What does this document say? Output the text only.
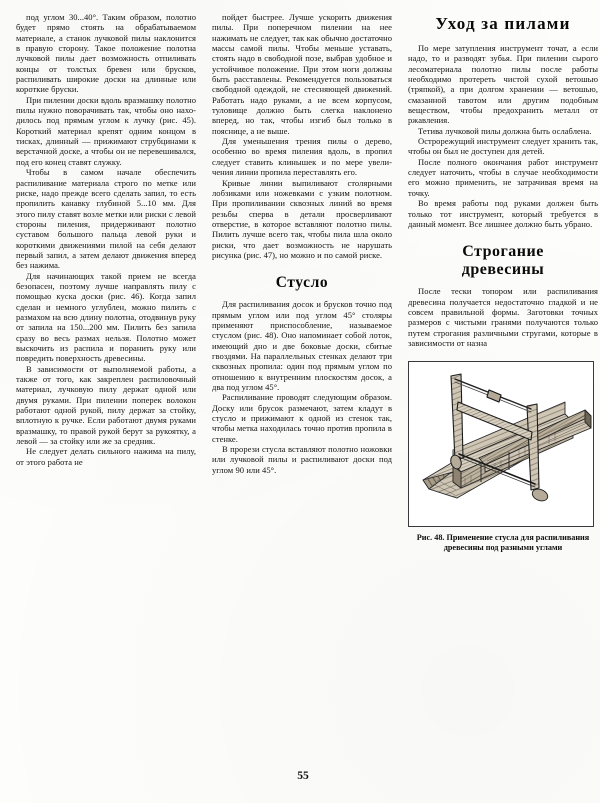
под углом 30...40°. Таким образом, полотно будет прямо стоять на обрабатываемом материале, а станок лучковой пилы наклонится в правую сторону. Такое положение полотна лучковой пилы дает возможность отпиливать концы от толстых бревен или брусков, распиливать широкие доски на длинные или короткие бруски.

При пилении доски вдоль вразмашку полотно пилы нужно поворачивать так, чтобы оно находилось под прямым углом к лучку (рис. 45). Короткий материал крепят одним концом в тисках, длинный — прижимают струбцинами к верстачной доске, а чтобы он не перевешивался, под его конец ставят служку.

Чтобы в самом начале обеспечить распиливание материала строго по метке или риске, надо прежде всего сделать запил, то есть пропилить канавку глубиной 5...10 мм. Для этого пилу ставят возле метки или риски с левой стороны пиления, придерживают полотно суставом большого пальца левой руки и короткими движениями пилой на себя делают первый запил, а затем делают движения вперед без нажима.

Для начинающих такой прием не всегда безопасен, поэтому лучше направлять пилу с помощью куска доски (рис. 46). Когда запил сделан и немного углублен, можно пилить с размахом на всю длину полотна, отодвинув руку от запила на 150...200 мм. Пилить без запила сразу во весь размах нельзя. Полотно может выскочить из распила и поранить руку или повредить поверхность древесины.

В зависимости от выполняемой работы, а также от того, как закреплен распиловочный материал, лучковую пилу держат одной или двумя руками. При пилении поперек волокон работают одной рукой, пилу держат за стойку, вплотную к ручке. Если работают двумя руками вразмашку, то правой рукой берут за рукоятку, а левой — за стойку или же за средник.

Не следует делать сильного нажима на пилу, от этого работа не

пойдет быстрее. Лучше ускорить движения пилы. При поперечном пилении на нее нажимать не следует, так как обычно достаточно массы самой пилы. Чтобы меньше уставать, стоять надо в свободной позе, выбрав удобное и устойчивое положение. При этом ноги должны быть расставлены. Рекомендуется пользоваться свободной одеждой, не стесняющей движений. Работать надо руками, а не всем корпусом, туловище должно быть слегка наклонено вперед, но так, чтобы изгиб был только в пояснице, а не выше.

Для уменьшения трения пилы о дерево, особенно во время пиления вдоль, в пропил следует ставить клинышек и по мере увеличения линии пропила переставлять его.

Кривые линии выпиливают столярными лобзиками или ножевками с узким полотном. При пропиливании сквозных линий во время резьбы сперва в детали просверливают отверстие, в которое вставляют полотно пилы. Пилить лучше всего так, чтобы пила шла около риски, что дает возможность не нарушать рисунка (рис. 47), но можно и по самой риске.

Стусло

Для распиливания досок и брусков точно под прямым углом или под углом 45° столяры применяют приспособление, называемое стуслом (рис. 48). Оно напоминает собой лоток, имеющий дно и две боковые доски, сбитые гвоздями. На параллельных стенках делают три сквозных пропила: один под прямым углом по отношению к внутренним плоскостям досок, а два под углом 45°.

Распиливание проводят следующим образом. Доску или брусок размечают, затем кладут в стусло и прижимают к одной из стенок так, чтобы метка находилась точно против пропила в стенке.

В прорези стусла вставляют полотно ножовки или лучковой пилы и распиливают доски под углом 90 или 45°.

Уход за пилами

По мере затупления инструмент точат, а если надо, то и разводят зубья. При пилении сырого лесоматериала полотно пилы после работы необходимо протереть чистой сухой ветошью (тряпкой), а при долгом хранении — ветошью, смазанной тавотом или другим подобным веществом, чтобы предохранить металл от ржавления.

Тетива лучковой пилы должна быть ослаблена.

Острорежущий инструмент следует хранить так, чтобы он был не доступен для детей.

После полного окончания работ инструмент следует наточить, чтобы в случае необходимости его можно применить, не затрачивая время на точку.

Во время работы под руками должен быть только тот инструмент, который требуется в данный момент. Все лишнее должно быть убрано.

Строгание
древесины

После тески топором или распиливания древесина получается недостаточно гладкой и не совсем правильной формы. Заготовки точных размеров с чистыми гранями получаются только путем строгания различными стругами, которые в зависимости от назна

Рис. 48. Применение стусла для распиливания древесины под разными углами

55
